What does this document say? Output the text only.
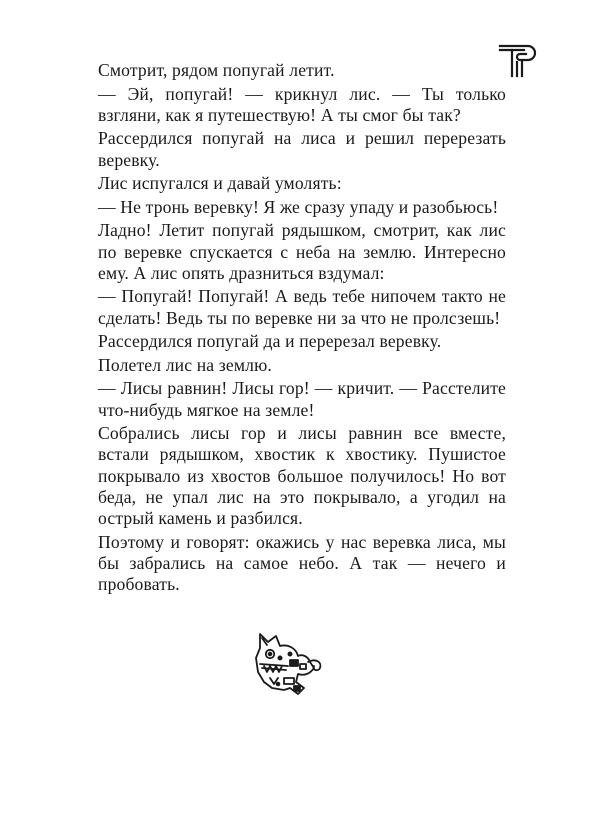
Смотрит, рядом попугай летит.

— Эй, попугай! — крикнул лис. — Ты только взгляни, как я путешествую! А ты смог бы так?

Рассердился попугай на лиса и решил перерезать веревку.

Лис испугался и давай умолять:

— Не тронь веревку! Я же сразу упаду и разобьюсь!

Ладно! Летит попугай рядышком, смотрит, как лис по веревке спускается с неба на землю. Интересно ему. А лис опять дразниться вздумал:

— Попугай! Попугай! А ведь тебе нипочем такто не сделать! Ведь ты по веревке ни за что не пролсзешь!

Рассердился попугай да и перерезал веревку.

Полетел лис на землю.

— Лисы равнин! Лисы гор! — кричит. — Расстелите что-нибудь мягкое на земле!

Собрались лисы гор и лисы равнин все вместе, встали рядышком, хвостик к хвостику. Пушистое покрывало из хвостов большое получилось! Но вот беда, не упал лис на это покрывало, а угодил на острый камень и разбился.

Поэтому и говорят: окажись у нас веревка лиса, мы бы забрались на самое небо. А так — нечего и пробовать.
